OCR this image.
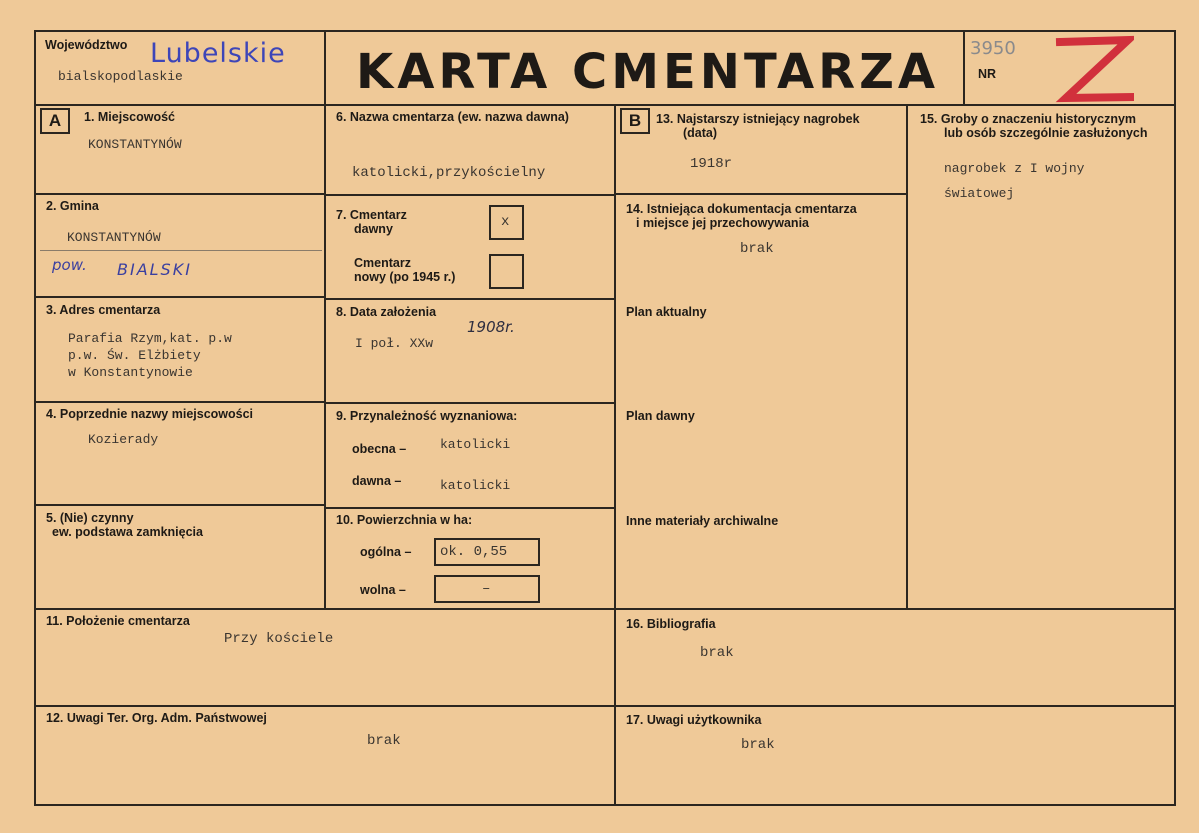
Województwo Lubelskie
bialskopodlaskie	KARTA CMENTARZA 3950
NR
A	B
1. Miejscowość
KONSTANTYNÓW
2. Gmina
KONSTANTYNÓW
pow. BIALSKI
3. Adres cmentarza
Parafia Rzym,kat. p.w
p.w. Św. Elżbiety
w Konstantynowie
4. Poprzednie nazwy miejscowości
Kozierady
5. (Nie) czynny
ew. podstawa zamknięcia
6. Nazwa cmentarza (ew. nazwa dawna)
katolicki,przykościelny
7. Cmentarz
dawny	x
Cmentarz
nowy (po 1945 r.)
8. Data założenia
1908r.
I poł. XXw
9. Przynależność wyznaniowa:
obecna –	katolicki
dawna –	katolicki
10. Powierzchnia w ha:
ogólna – ok. 0,55
wolna –	–
11. Położenie cmentarza
Przy kościele
12. Uwagi Ter. Org. Adm. Państwowej
brak
13. Najstarszy istniejący nagrobek
(data)
1918r
14. Istniejąca dokumentacja cmentarza
i miejsce jej przechowywania
brak
Plan aktualny
Plan dawny
Inne materiały archiwalne
15. Groby o znaczeniu historycznym
lub osób szczególnie zasłużonych
nagrobek z I wojny
światowej
16. Bibliografia
brak
17. Uwagi użytkownika
brak
